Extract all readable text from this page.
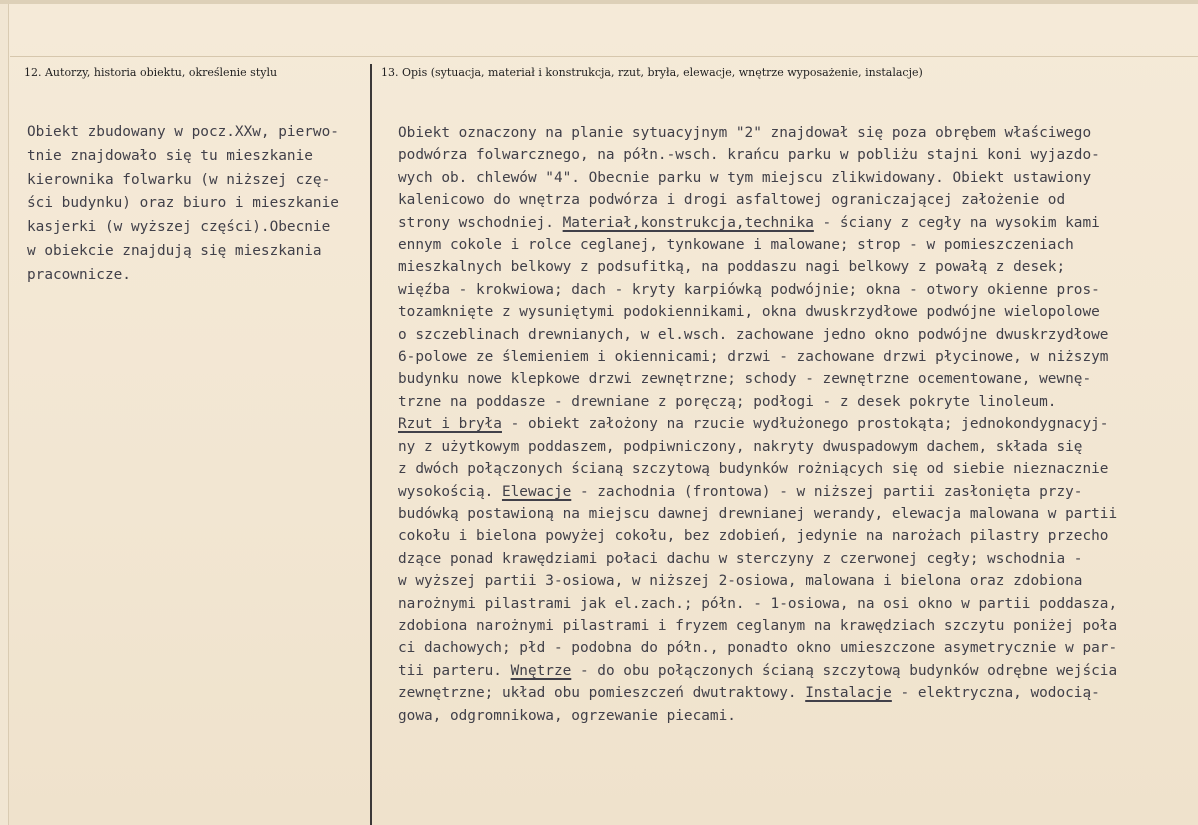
12. Autorzy, historia obiektu, określenie stylu	13. Opis (sytuacja, materiał i konstrukcja, rzut, bryła, elewacje, wnętrze wyposażenie, instalacje)
Obiekt zbudowany w pocz.XXw, pierwo-
tnie znajdowało się tu mieszkanie
kierownika folwarku (w niższej czę-
ści budynku) oraz biuro i mieszkanie
kasjerki (w wyższej części).Obecnie
w obiekcie znajdują się mieszkania
pracownicze.
Obiekt oznaczony na planie sytuacyjnym "2" znajdował się poza obrębem właściwego
podwórza folwarcznego, na półn.-wsch. krańcu parku w pobliżu stajni koni wyjazdo-
wych ob. chlewów "4". Obecnie parku w tym miejscu zlikwidowany. Obiekt ustawiony
kalenicowo do wnętrza podwórza i drogi asfaltowej ograniczającej założenie od
strony wschodniej. Materiał,konstrukcja,technika - ściany z cegły na wysokim kami
ennym cokole i rolce ceglanej, tynkowane i malowane; strop - w pomieszczeniach
mieszkalnych belkowy z podsufitką, na poddaszu nagi belkowy z powałą z desek;
więźba - krokwiowa; dach - kryty karpiówką podwójnie; okna - otwory okienne pros-
tozamknięte z wysuniętymi podokiennikami, okna dwuskrzydłowe podwójne wielopolowe
o szczeblinach drewnianych, w el.wsch. zachowane jedno okno podwójne dwuskrzydłowe
6-polowe ze ślemieniem i okiennicami; drzwi - zachowane drzwi płycinowe, w niższym
budynku nowe klepkowe drzwi zewnętrzne; schody - zewnętrzne ocementowane, wewnę-
trzne na poddasze - drewniane z poręczą; podłogi - z desek pokryte linoleum.
Rzut i bryła - obiekt założony na rzucie wydłużonego prostokąta; jednokondygnacyj-
ny z użytkowym poddaszem, podpiwniczony, nakryty dwuspadowym dachem, składa się
z dwóch połączonych ścianą szczytową budynków rożniących się od siebie nieznacznie
wysokością. Elewacje - zachodnia (frontowa) - w niższej partii zasłonięta przy-
budówką postawioną na miejscu dawnej drewnianej werandy, elewacja malowana w partii
cokołu i bielona powyżej cokołu, bez zdobień, jedynie na narożach pilastry przecho
dzące ponad krawędziami połaci dachu w sterczyny z czerwonej cegły; wschodnia -
w wyższej partii 3-osiowa, w niższej 2-osiowa, malowana i bielona oraz zdobiona
narożnymi pilastrami jak el.zach.; półn. - 1-osiowa, na osi okno w partii poddasza,
zdobiona narożnymi pilastrami i fryzem ceglanym na krawędziach szczytu poniżej poła
ci dachowych; płd - podobna do półn., ponadto okno umieszczone asymetrycznie w par-
tii parteru. Wnętrze - do obu połączonych ścianą szczytową budynków odrębne wejścia
zewnętrzne; układ obu pomieszczeń dwutraktowy. Instalacje - elektryczna, wodocią-
gowa, odgromnikowa, ogrzewanie piecami.
